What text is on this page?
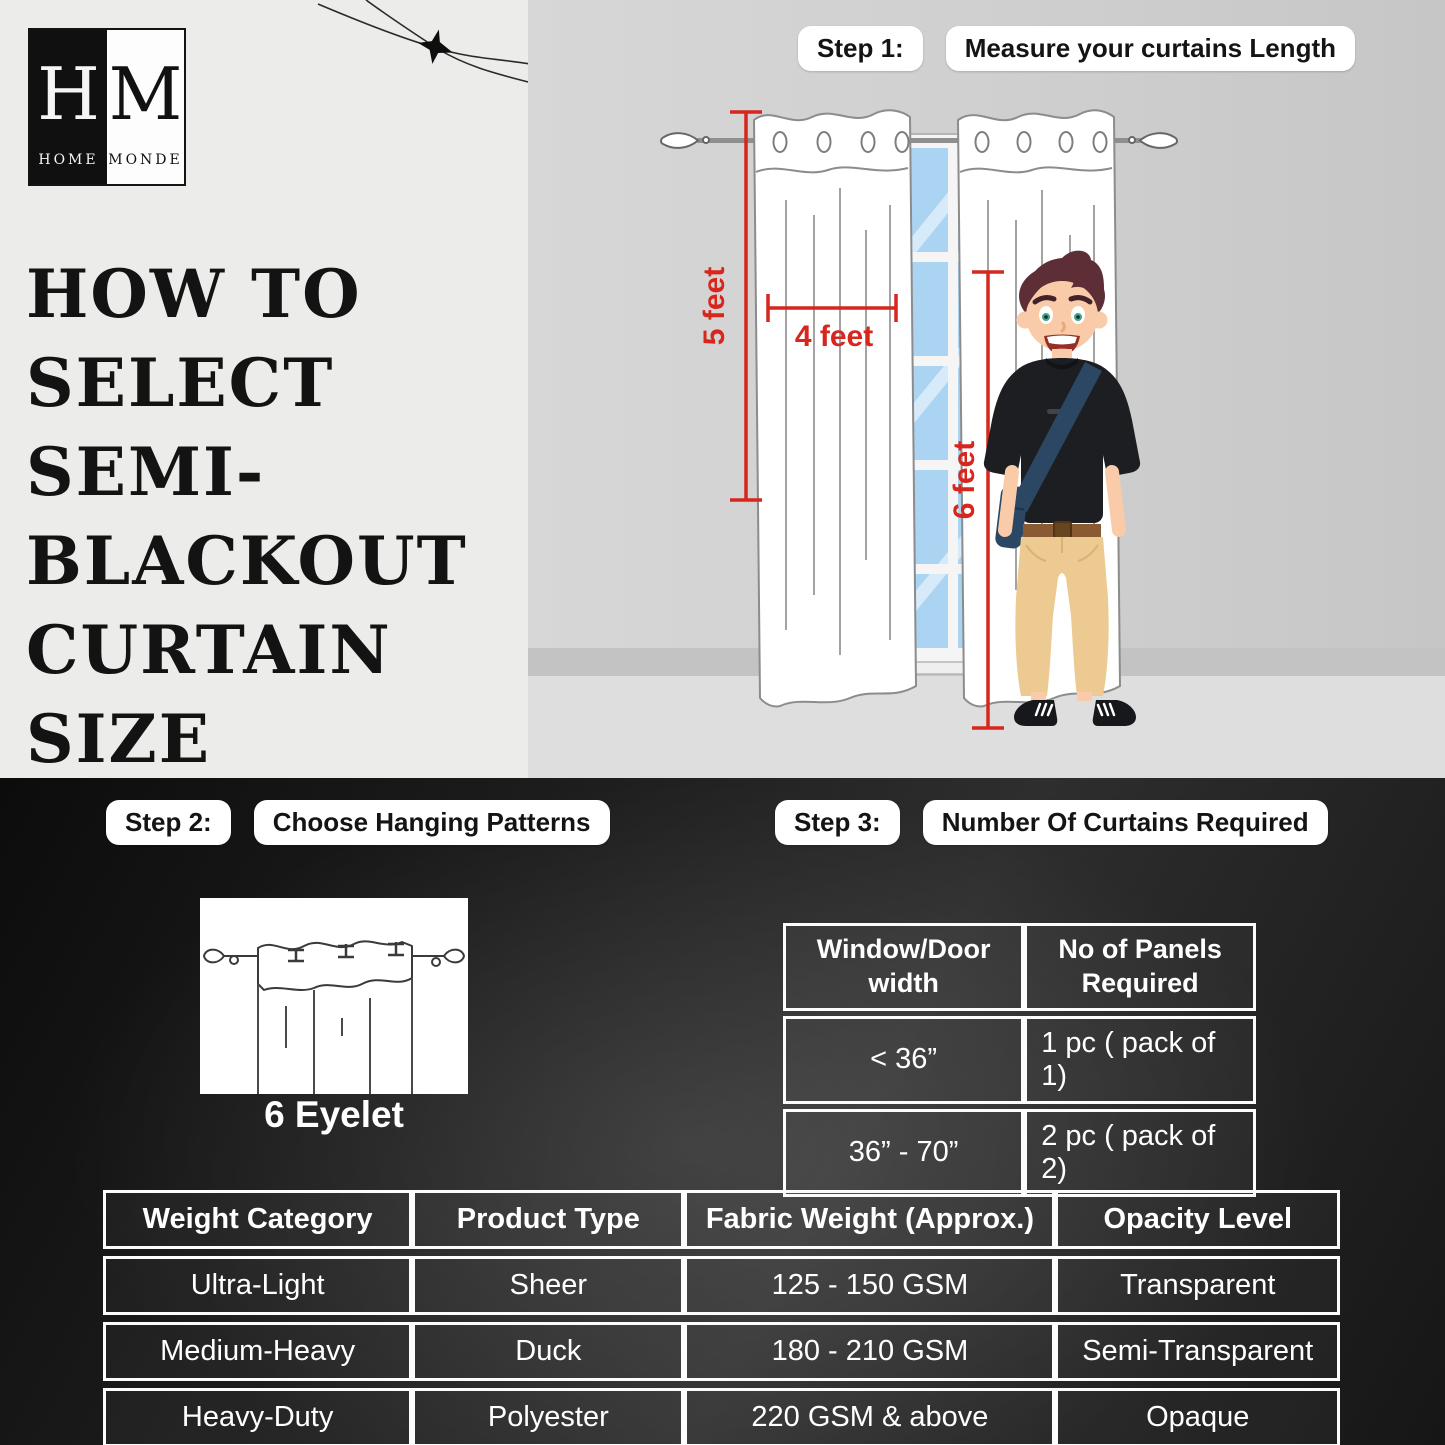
H
HOME
M
MONDE
HOW TO
SELECT
SEMI-
BLACKOUT
CURTAIN
SIZE
Step 1:	Measure your curtains Length
5 feet 4 feet
6 feet
Step 2:	Choose Hanging Patterns	Step 3:	Number Of Curtains Required
6 Eyelet
Window/Door width	No of Panels Required
< 36”	1 pc ( pack of 1)
36” - 70”	2 pc ( pack of 2)
Weight Category	Product Type	Fabric Weight (Approx.)	Opacity Level
Ultra-Light	Sheer	125 - 150 GSM	Transparent
Medium-Heavy	Duck	180 - 210 GSM	Semi-Transparent
Heavy-Duty	Polyester	220 GSM & above	Opaque
